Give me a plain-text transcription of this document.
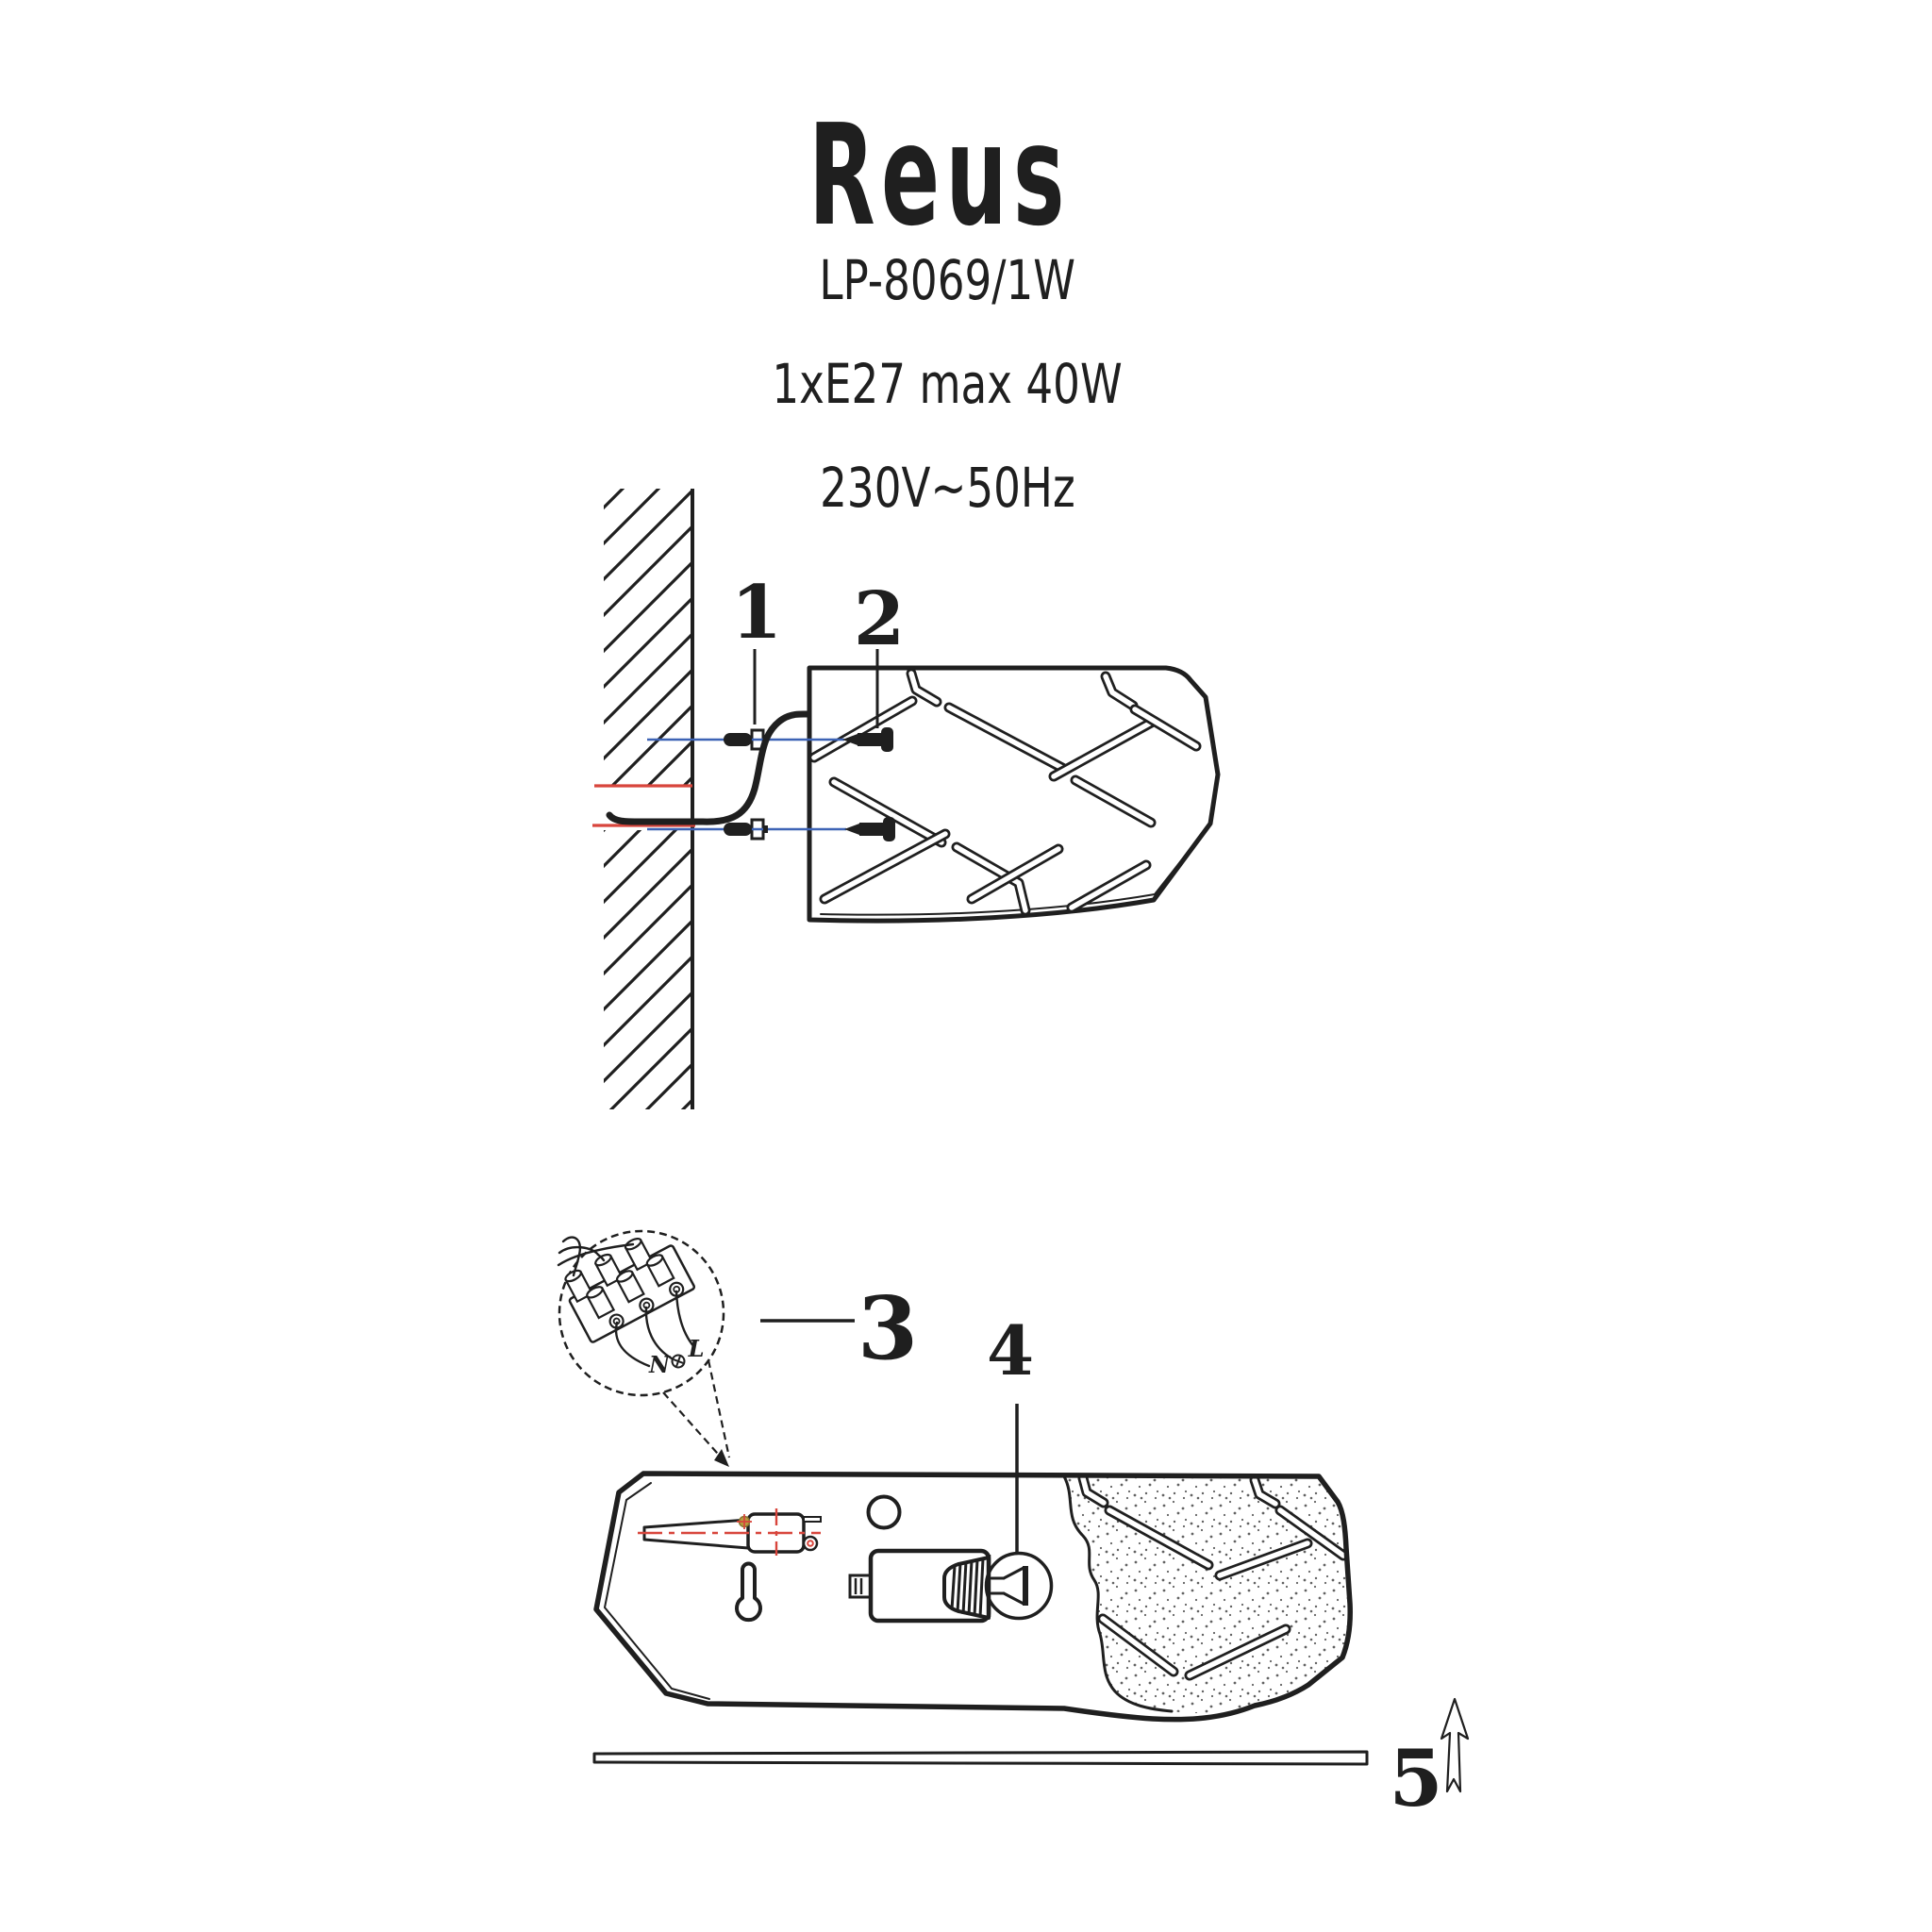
Reus
LP-8069/1W
1xE27 max 40W
230V~50Hz
1 2
N
L 3 4
5
